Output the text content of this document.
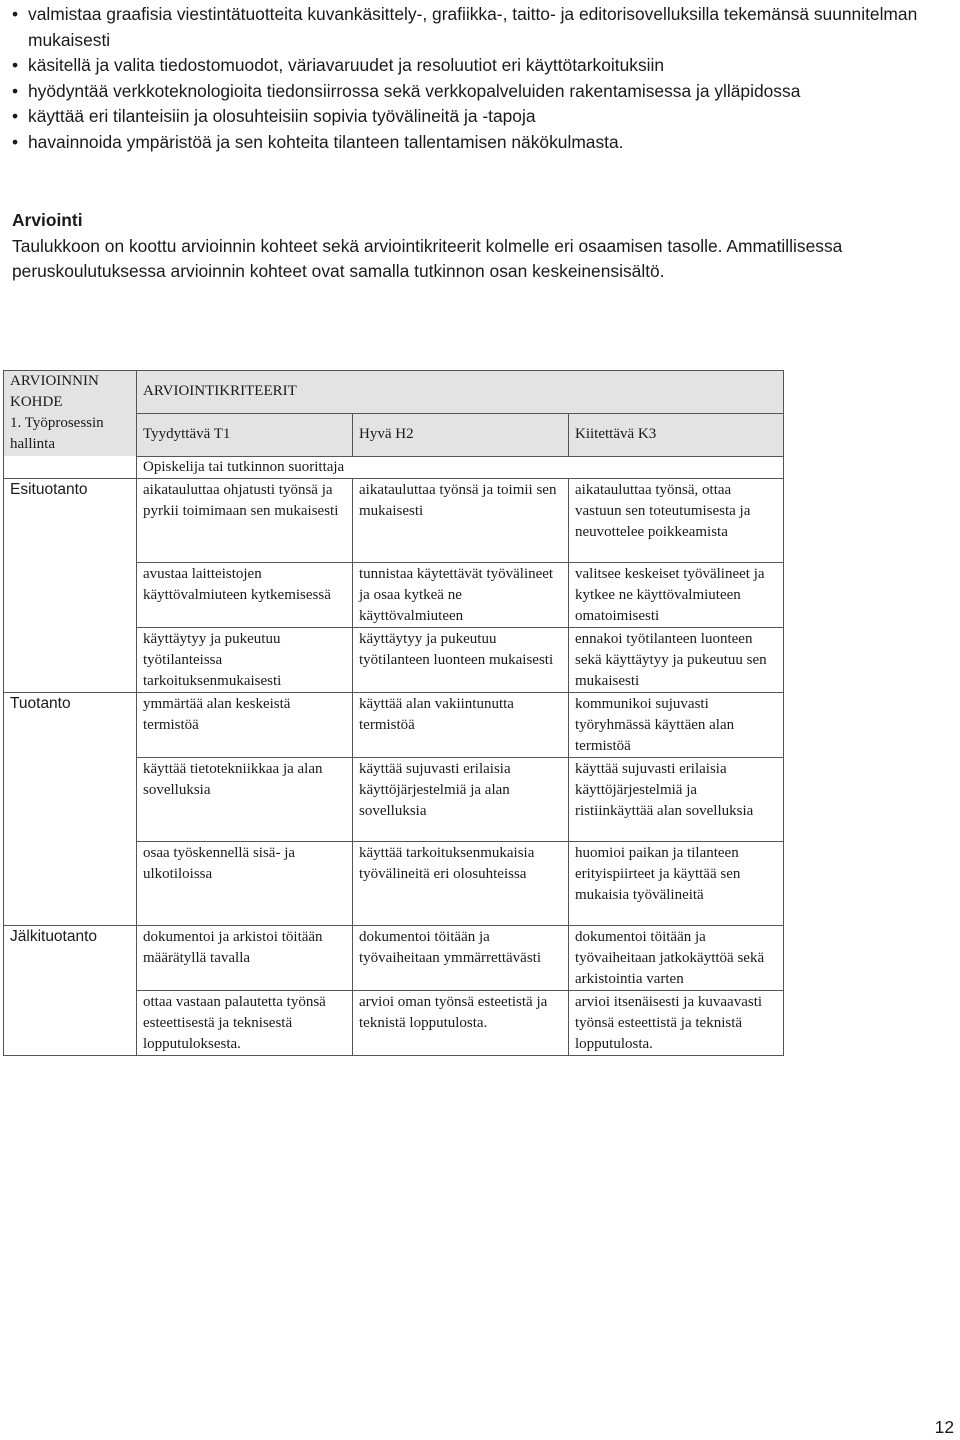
• valmistaa graafisia viestintätuotteita kuvankäsittely-, grafiikka-, taitto- ja editorisovelluksilla tekemänsä suunnitelman mukaisesti
• käsitellä ja valita tiedostomuodot, väriavaruudet ja resoluutiot eri käyttötarkoituksiin
• hyödyntää verkkoteknologioita tiedonsiirrossa sekä verkkopalveluiden rakentamisessa ja ylläpidossa
• käyttää eri tilanteisiin ja olosuhteisiin sopivia työvälineitä ja -tapoja
• havainnoida ympäristöä ja sen kohteita tilanteen tallentamisen näkökulmasta.
Arviointi
Taulukkoon on koottu arvioinnin kohteet sekä arviointikriteerit kolmelle eri osaamisen tasolle. Ammatillisessa peruskoulutuksessa arvioinnin kohteet ovat samalla tutkinnon osan keskeinensisältö.
ARVIOINNIN KOHDE	ARVIOINTIKRITEERIT		
1. Työprosessin hallinta	Tyydyttävä T1	Hyvä H2	Kiitettävä K3
	Opiskelija tai tutkinnon suorittaja		
Esituotanto	aikatauluttaa ohjatusti työnsä ja pyrkii toimimaan sen mukaisesti	aikatauluttaa työnsä ja toimii sen mukaisesti	aikatauluttaa työnsä, ottaa vastuun sen toteutumisesta ja neuvottelee poikkeamista
	avustaa laitteistojen käyttövalmiuteen kytkemisessä	tunnistaa käytettävät työvälineet ja osaa kytkeä ne käyttövalmiuteen	valitsee keskeiset työvälineet ja kytkee ne käyttövalmiuteen omatoimisesti
	käyttäytyy ja pukeutuu työtilanteissa tarkoituksenmukaisesti	käyttäytyy ja pukeutuu työtilanteen luonteen mukaisesti	ennakoi työtilanteen luonteen sekä käyttäytyy ja pukeutuu sen mukaisesti
Tuotanto	ymmärtää alan keskeistä termistöä	käyttää alan vakiintunutta termistöä	kommunikoi sujuvasti työryhmässä käyttäen alan termistöä
	käyttää tietotekniikkaa ja alan sovelluksia	käyttää sujuvasti erilaisia käyttöjärjestelmiä ja alan sovelluksia	käyttää sujuvasti erilaisia käyttöjärjestelmiä ja ristiinkäyttää alan sovelluksia
	osaa työskennellä sisä- ja ulkotiloissa	käyttää tarkoituksenmukaisia työvälineitä eri olosuhteissa	huomioi paikan ja tilanteen erityispiirteet ja käyttää sen mukaisia työvälineitä
Jälkituotanto	dokumentoi ja arkistoi töitään määrätyllä tavalla	dokumentoi töitään ja työvaiheitaan ymmärrettävästi	dokumentoi töitään ja työvaiheitaan jatkokäyttöä sekä arkistointia varten
	ottaa vastaan palautetta työnsä esteettisestä ja teknisestä lopputuloksesta.	arvioi oman työnsä esteetistä ja teknistä lopputulosta.	arvioi itsenäisesti ja kuvaavasti työnsä esteettistä ja teknistä lopputulosta.
12
